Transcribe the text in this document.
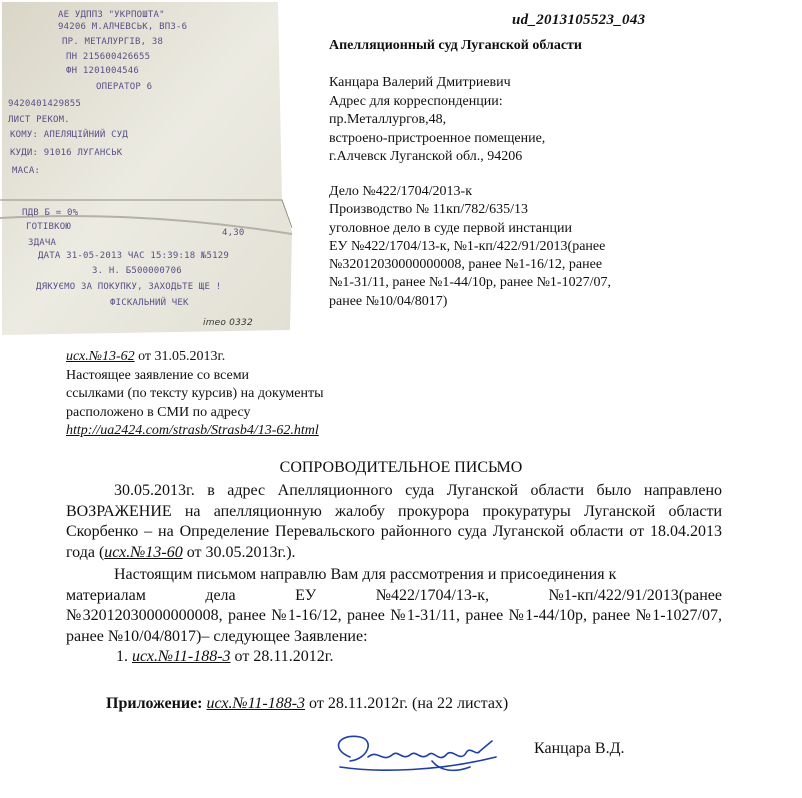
АЕ УДППЗ "УКРПОШТА"
94206 М.АЛЧЕВСЬК, ВПЗ-6
ПР. МЕТАЛУРГІВ, 38
ПН 215600426655
ФН 1201004546
ОПЕРАТОР 6
9420401429855
ЛИСТ РЕКОМ.
КОМУ: АПЕЛЯЦІЙНИЙ СУД
КУДИ: 91016 ЛУГАНСЬК
МАСА:
ПДВ Б = 0%
ГОТІВКОЮ
4,30
ЗДАЧА
ДАТА 31-05-2013 ЧАС 15:39:18 №5129
З. Н. Б500000706
ДЯКУЄМО ЗА ПОКУПКУ, ЗАХОДЬТЕ ЩЕ !
ФІСКАЛЬНИЙ ЧЕК
imeo 0332
ud_2013105523_043
Апелляционный суд Луганской области
Канцара Валерий Дмитриевич
Адрес для корреспонденции:
пр.Металлургов,48,
встроено-пристроенное помещение,
г.Алчевск Луганской обл., 94206
Дело №422/1704/2013-к
Производство № 11кп/782/635/13
уголовное дело в суде первой инстанции
ЕУ №422/1704/13-к, №1-кп/422/91/2013(ранее
№32012030000000008, ранее №1-16/12, ранее
№1-31/11, ранее №1-44/10р, ранее №1-1027/07,
ранее №10/04/8017)
исх.№13-62 от 31.05.2013г.
Настоящее заявление со всеми
ссылками (по тексту курсив) на документы
расположено в СМИ по адресу
http://ua2424.com/strasb/Strasb4/13-62.html
СОПРОВОДИТЕЛЬНОЕ ПИСЬМО

30.05.2013г. в адрес Апелляционного суда Луганской области было направлено ВОЗРАЖЕНИЕ на апелляционную жалобу прокурора прокуратуры Луганской области Скорбенко – на Определение Перевальского районного суда Луганской области от 18.04.2013 года (исх.№13-60 от 30.05.2013г.).

Настоящим письмом направлю Вам для рассмотрения и присоединения к

материалам	дела	ЕУ	№422/1704/13-к,	№1-кп/422/91/2013(ранее

№32012030000000008, ранее №1-16/12, ранее №1-31/11, ранее №1-44/10р, ранее №1-1027/07, ранее №10/04/8017)– следующее Заявление:

1. исх.№11-188-3 от 28.11.2012г.

Приложение: исх.№11-188-3 от 28.11.2012г. (на 22 листах)
Канцара В.Д.
